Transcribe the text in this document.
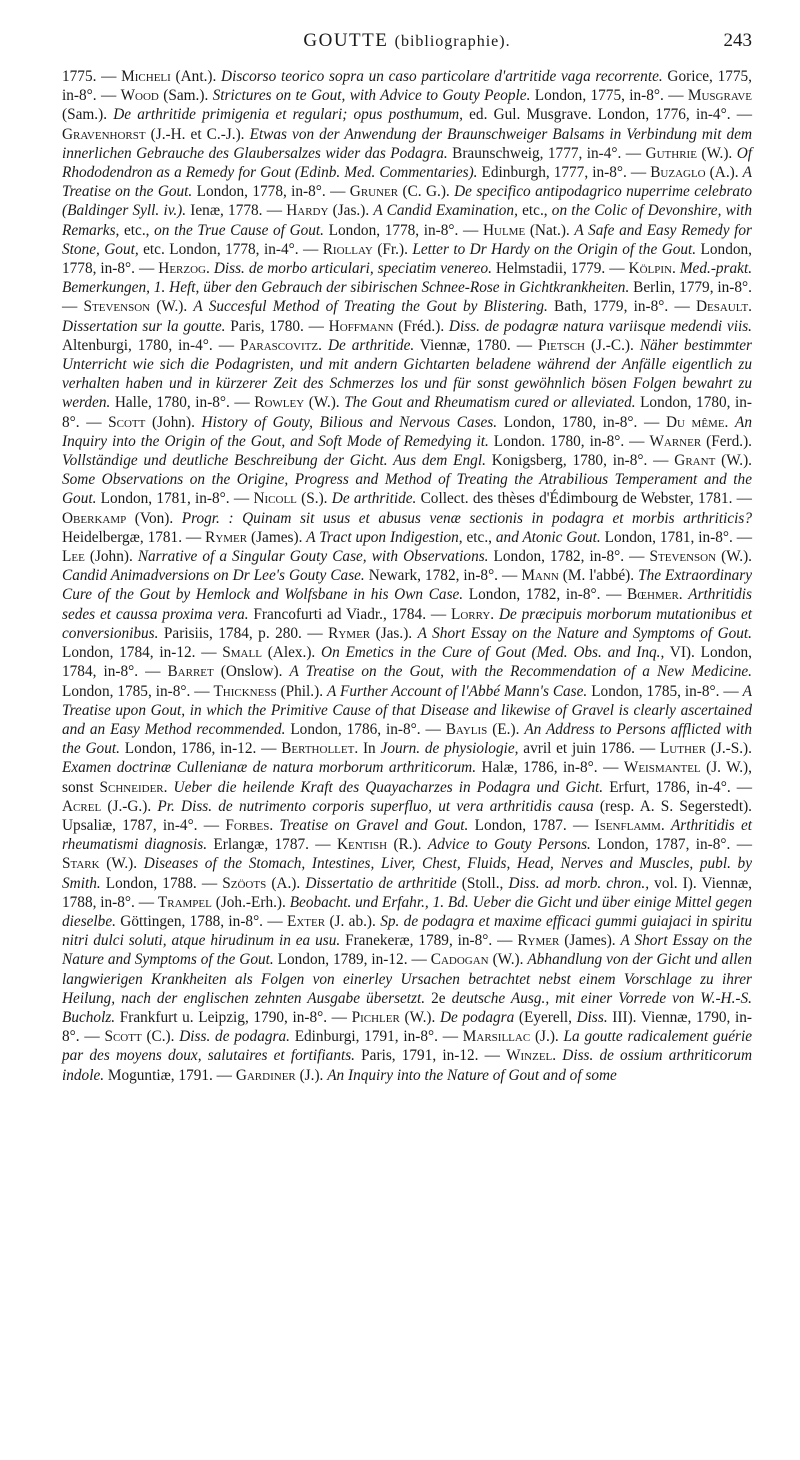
GOUTTE (bibliographie).	243
1775. — Micheli (Ant.). Discorso teorico sopra un caso particolare d'artritide vaga recorrente. Gorice, 1775, in-8°. — Wood (Sam.). Strictures on te Gout, with Advice to Gouty People. London, 1775, in-8°. — Musgrave (Sam.). De arthritide primigenia et regulari; opus posthumum, ed. Gul. Musgrave. London, 1776, in-4°. — Gravenhorst (J.-H. et C.-J.). Etwas von der Anwendung der Braunschweiger Balsams in Verbindung mit dem innerlichen Gebrauche des Glaubersalzes wider das Podagra. Braunschweig, 1777, in-4°. — Guthrie (W.). Of Rhododendron as a Remedy for Gout (Edinb. Med. Commentaries). Edinburgh, 1777, in-8°. — Buzaglo (A.). A Treatise on the Gout. London, 1778, in-8°. — Gruner (C. G.). De specifico antipodagrico nuperrime celebrato (Baldinger Syll. iv.). Ienæ, 1778. — Hardy (Jas.). A Candid Examination, etc., on the Colic of Devonshire, with Remarks, etc., on the True Cause of Gout. London, 1778, in-8°. — Hulme (Nat.). A Safe and Easy Remedy for Stone, Gout, etc. London, 1778, in-4°. — Riollay (Fr.). Letter to Dr Hardy on the Origin of the Gout. London, 1778, in-8°. — Herzog. Diss. de morbo articulari, speciatim venereo. Helmstadii, 1779. — Kölpin. Med.-prakt. Bemerkungen, 1. Heft, über den Gebrauch der sibirischen Schnee-Rose in Gichtkrankheiten. Berlin, 1779, in-8°. — Stevenson (W.). A Succesful Method of Treating the Gout by Blistering. Bath, 1779, in-8°. — Desault. Dissertation sur la goutte. Paris, 1780. — Hoffmann (Fréd.). Diss. de podagræ natura variisque medendi viis. Altenburgi, 1780, in-4°. — Parascovitz. De arthritide. Viennæ, 1780. — Pietsch (J.-C.). Näher bestimmter Unterricht wie sich die Podagristen, und mit andern Gichtarten beladene während der Anfälle eigentlich zu verhalten haben und in kürzerer Zeit des Schmerzes los und für sonst gewöhnlich bösen Folgen bewahrt zu werden. Halle, 1780, in-8°. — Rowley (W.). The Gout and Rheumatism cured or alleviated. London, 1780, in-8°. — Scott (John). History of Gouty, Bilious and Nervous Cases. London, 1780, in-8°. — Du même. An Inquiry into the Origin of the Gout, and Soft Mode of Remedying it. London. 1780, in-8°. — Warner (Ferd.). Vollständige und deutliche Beschreibung der Gicht. Aus dem Engl. Konigsberg, 1780, in-8°. — Grant (W.). Some Observations on the Origine, Progress and Method of Treating the Atrabilious Temperament and the Gout. London, 1781, in-8°. — Nicoll (S.). De arthritide. Collect. des thèses d'Édimbourg de Webster, 1781. — Oberkamp (Von). Progr. : Quinam sit usus et abusus venæ sectionis in podagra et morbis arthriticis? Heidelbergæ, 1781. — Rymer (James). A Tract upon Indigestion, etc., and Atonic Gout. London, 1781, in-8°. — Lee (John). Narrative of a Singular Gouty Case, with Observations. London, 1782, in-8°. — Stevenson (W.). Candid Animadversions on Dr Lee's Gouty Case. Newark, 1782, in-8°. — Mann (M. l'abbé). The Extraordinary Cure of the Gout by Hemlock and Wolfsbane in his Own Case. London, 1782, in-8°. — Bœhmer. Arthritidis sedes et caussa proxima vera. Francofurti ad Viadr., 1784. — Lorry. De præcipuis morborum mutationibus et conversionibus. Parisiis, 1784, p. 280. — Rymer (Jas.). A Short Essay on the Nature and Symptoms of Gout. London, 1784, in-12. — Small (Alex.). On Emetics in the Cure of Gout (Med. Obs. and Inq., VI). London, 1784, in-8°. — Barret (Onslow). A Treatise on the Gout, with the Recommendation of a New Medicine. London, 1785, in-8°. — Thickness (Phil.). A Further Account of l'Abbé Mann's Case. London, 1785, in-8°. — A Treatise upon Gout, in which the Primitive Cause of that Disease and likewise of Gravel is clearly ascertained and an Easy Method recommended. London, 1786, in-8°. — Baylis (E.). An Address to Persons afflicted with the Gout. London, 1786, in-12. — Berthollet. In Journ. de physiologie, avril et juin 1786. — Luther (J.-S.). Examen doctrinæ Cullenianæ de natura morborum arthriticorum. Halæ, 1786, in-8°. — Weismantel (J. W.), sonst Schneider. Ueber die heilende Kraft des Quayacharzes in Podagra und Gicht. Erfurt, 1786, in-4°. — Acrel (J.-G.). Pr. Diss. de nutrimento corporis superfluo, ut vera arthritidis causa (resp. A. S. Segerstedt). Upsaliæ, 1787, in-4°. — Forbes. Treatise on Gravel and Gout. London, 1787. — Isenflamm. Arthritidis et rheumatismi diagnosis. Erlangæ, 1787. — Kentish (R.). Advice to Gouty Persons. London, 1787, in-8°. — Stark (W.). Diseases of the Stomach, Intestines, Liver, Chest, Fluids, Head, Nerves and Muscles, publ. by Smith. London, 1788. — Szöots (A.). Dissertatio de arthritide (Stoll., Diss. ad morb. chron., vol. I). Viennæ, 1788, in-8°. — Trampel (Joh.-Erh.). Beobacht. und Erfahr., 1. Bd. Ueber die Gicht und über einige Mittel gegen dieselbe. Göttingen, 1788, in-8°. — Exter (J. ab.). Sp. de podagra et maxime efficaci gummi guiajaci in spiritu nitri dulci soluti, atque hirudinum in ea usu. Franekeræ, 1789, in-8°. — Rymer (James). A Short Essay on the Nature and Symptoms of the Gout. London, 1789, in-12. — Cadogan (W.). Abhandlung von der Gicht und allen langwierigen Krankheiten als Folgen von einerley Ursachen betrachtet nebst einem Vorschlage zu ihrer Heilung, nach der englischen zehnten Ausgabe übersetzt. 2e deutsche Ausg., mit einer Vorrede von W.-H.-S. Bucholz. Frankfurt u. Leipzig, 1790, in-8°. — Pichler (W.). De podagra (Eyerell, Diss. III). Viennæ, 1790, in-8°. — Scott (C.). Diss. de podagra. Edinburgi, 1791, in-8°. — Marsillac (J.). La goutte radicalement guérie par des moyens doux, salutaires et fortifiants. Paris, 1791, in-12. — Winzel. Diss. de ossium arthriticorum indole. Moguntiæ, 1791. — Gardiner (J.). An Inquiry into the Nature of Gout and of some
